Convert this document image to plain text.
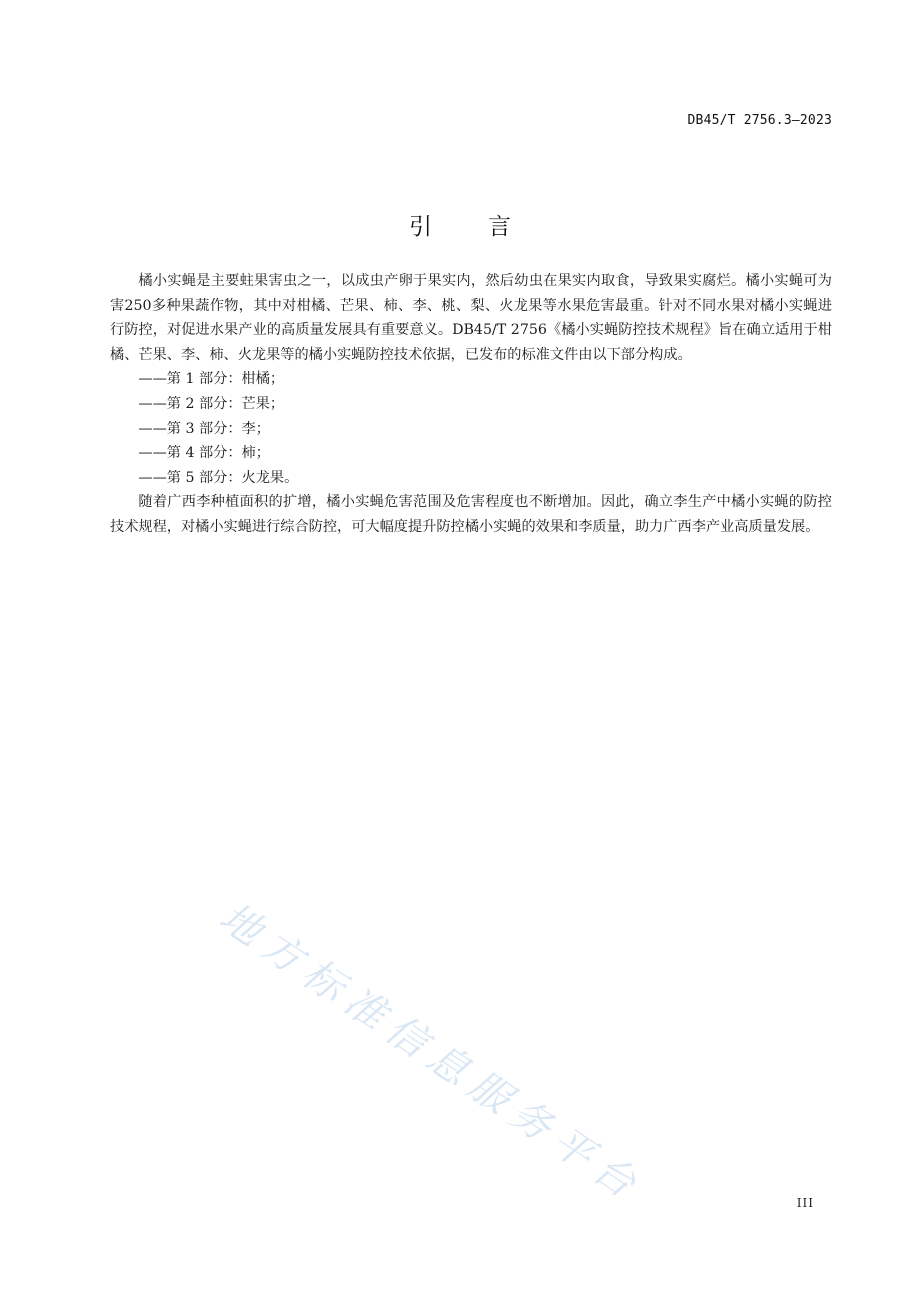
DB45/T 2756.3—2023
引 言

橘小实蝇是主要蛀果害虫之一，以成虫产卵于果实内，然后幼虫在果实内取食，导致果实腐烂。橘小实蝇可为害250多种果蔬作物，其中对柑橘、芒果、柿、李、桃、梨、火龙果等水果危害最重。针对不同水果对橘小实蝇进行防控，对促进水果产业的高质量发展具有重要意义。DB45/T 2756《橘小实蝇防控技术规程》旨在确立适用于柑橘、芒果、李、柿、火龙果等的橘小实蝇防控技术依据，已发布的标准文件由以下部分构成。

——第 1 部分：柑橘；

——第 2 部分：芒果；

——第 3 部分：李；

——第 4 部分：柿；

——第 5 部分：火龙果。

随着广西李种植面积的扩增，橘小实蝇危害范围及危害程度也不断增加。因此，确立李生产中橘小实蝇的防控技术规程，对橘小实蝇进行综合防控，可大幅度提升防控橘小实蝇的效果和李质量，助力广西李产业高质量发展。

地方标准信息服务平台	III
